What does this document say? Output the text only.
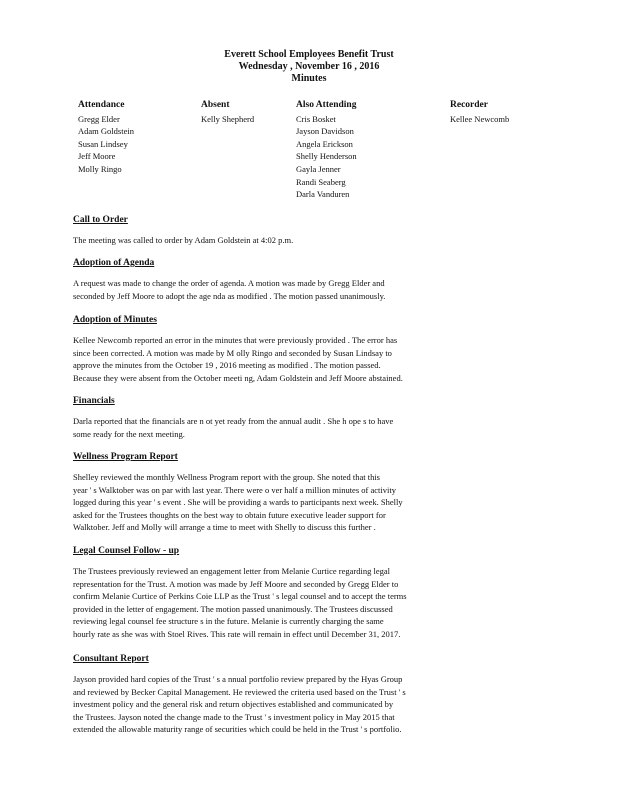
Everett School Employees Benefit Trust
Wednesday , November 16 , 2016
Minutes
Attendance
Gregg Elder
Adam Goldstein
Susan Lindsey
Jeff Moore
Molly Ringo
Absent
Kelly Shepherd
Also Attending
Cris Bosket
Jayson Davidson
Angela Erickson
Shelly Henderson
Gayla Jenner
Randi Seaberg
Darla Vanduren
Recorder
Kellee Newcomb
Call to Order
The meeting was called to order by Adam Goldstein at 4:02 p.m.
Adoption of Agenda
A request was made to change the order of agenda. A motion was made by Gregg Elder and
seconded by Jeff Moore to adopt the age nda as modified . The motion passed unanimously.
Adoption of Minutes
Kellee Newcomb reported an error in the minutes that were previously provided . The error has
since been corrected. A motion was made by M olly Ringo and seconded by Susan Lindsay to
approve the minutes from the October 19 , 2016 meeting as modified . The motion passed.
Because they were absent from the October meeti ng, Adam Goldstein and Jeff Moore abstained.
Financials
Darla reported that the financials are n ot yet ready from the annual audit . She h ope s to have
some ready for the next meeting.
Wellness Program Report
Shelley reviewed the monthly Wellness Program report with the group. She noted that this
year ' s Walktober was on par with last year. There were o ver half a million minutes of activity
logged during this year ' s event . She will be providing a wards to participants next week. Shelly
asked for the Trustees thoughts on the best way to obtain future executive leader support for
Walktober. Jeff and Molly will arrange a time to meet with Shelly to discuss this further .
Legal Counsel Follow - up
The Trustees previously reviewed an engagement letter from Melanie Curtice regarding legal
representation for the Trust. A motion was made by Jeff Moore and seconded by Gregg Elder to
confirm Melanie Curtice of Perkins Coie LLP as the Trust ' s legal counsel and to accept the terms
provided in the letter of engagement. The motion passed unanimously. The Trustees discussed
reviewing legal counsel fee structure s in the future. Melanie is currently charging the same
hourly rate as she was with Stoel Rives. This rate will remain in effect until December 31, 2017.
Consultant Report
Jayson provided hard copies of the Trust ' s a nnual portfolio review prepared by the Hyas Group
and reviewed by Becker Capital Management. He reviewed the criteria used based on the Trust ' s
investment policy and the general risk and return objectives established and communicated by
the Trustees. Jayson noted the change made to the Trust ' s investment policy in May 2015 that
extended the allowable maturity range of securities which could be held in the Trust ' s portfolio.
